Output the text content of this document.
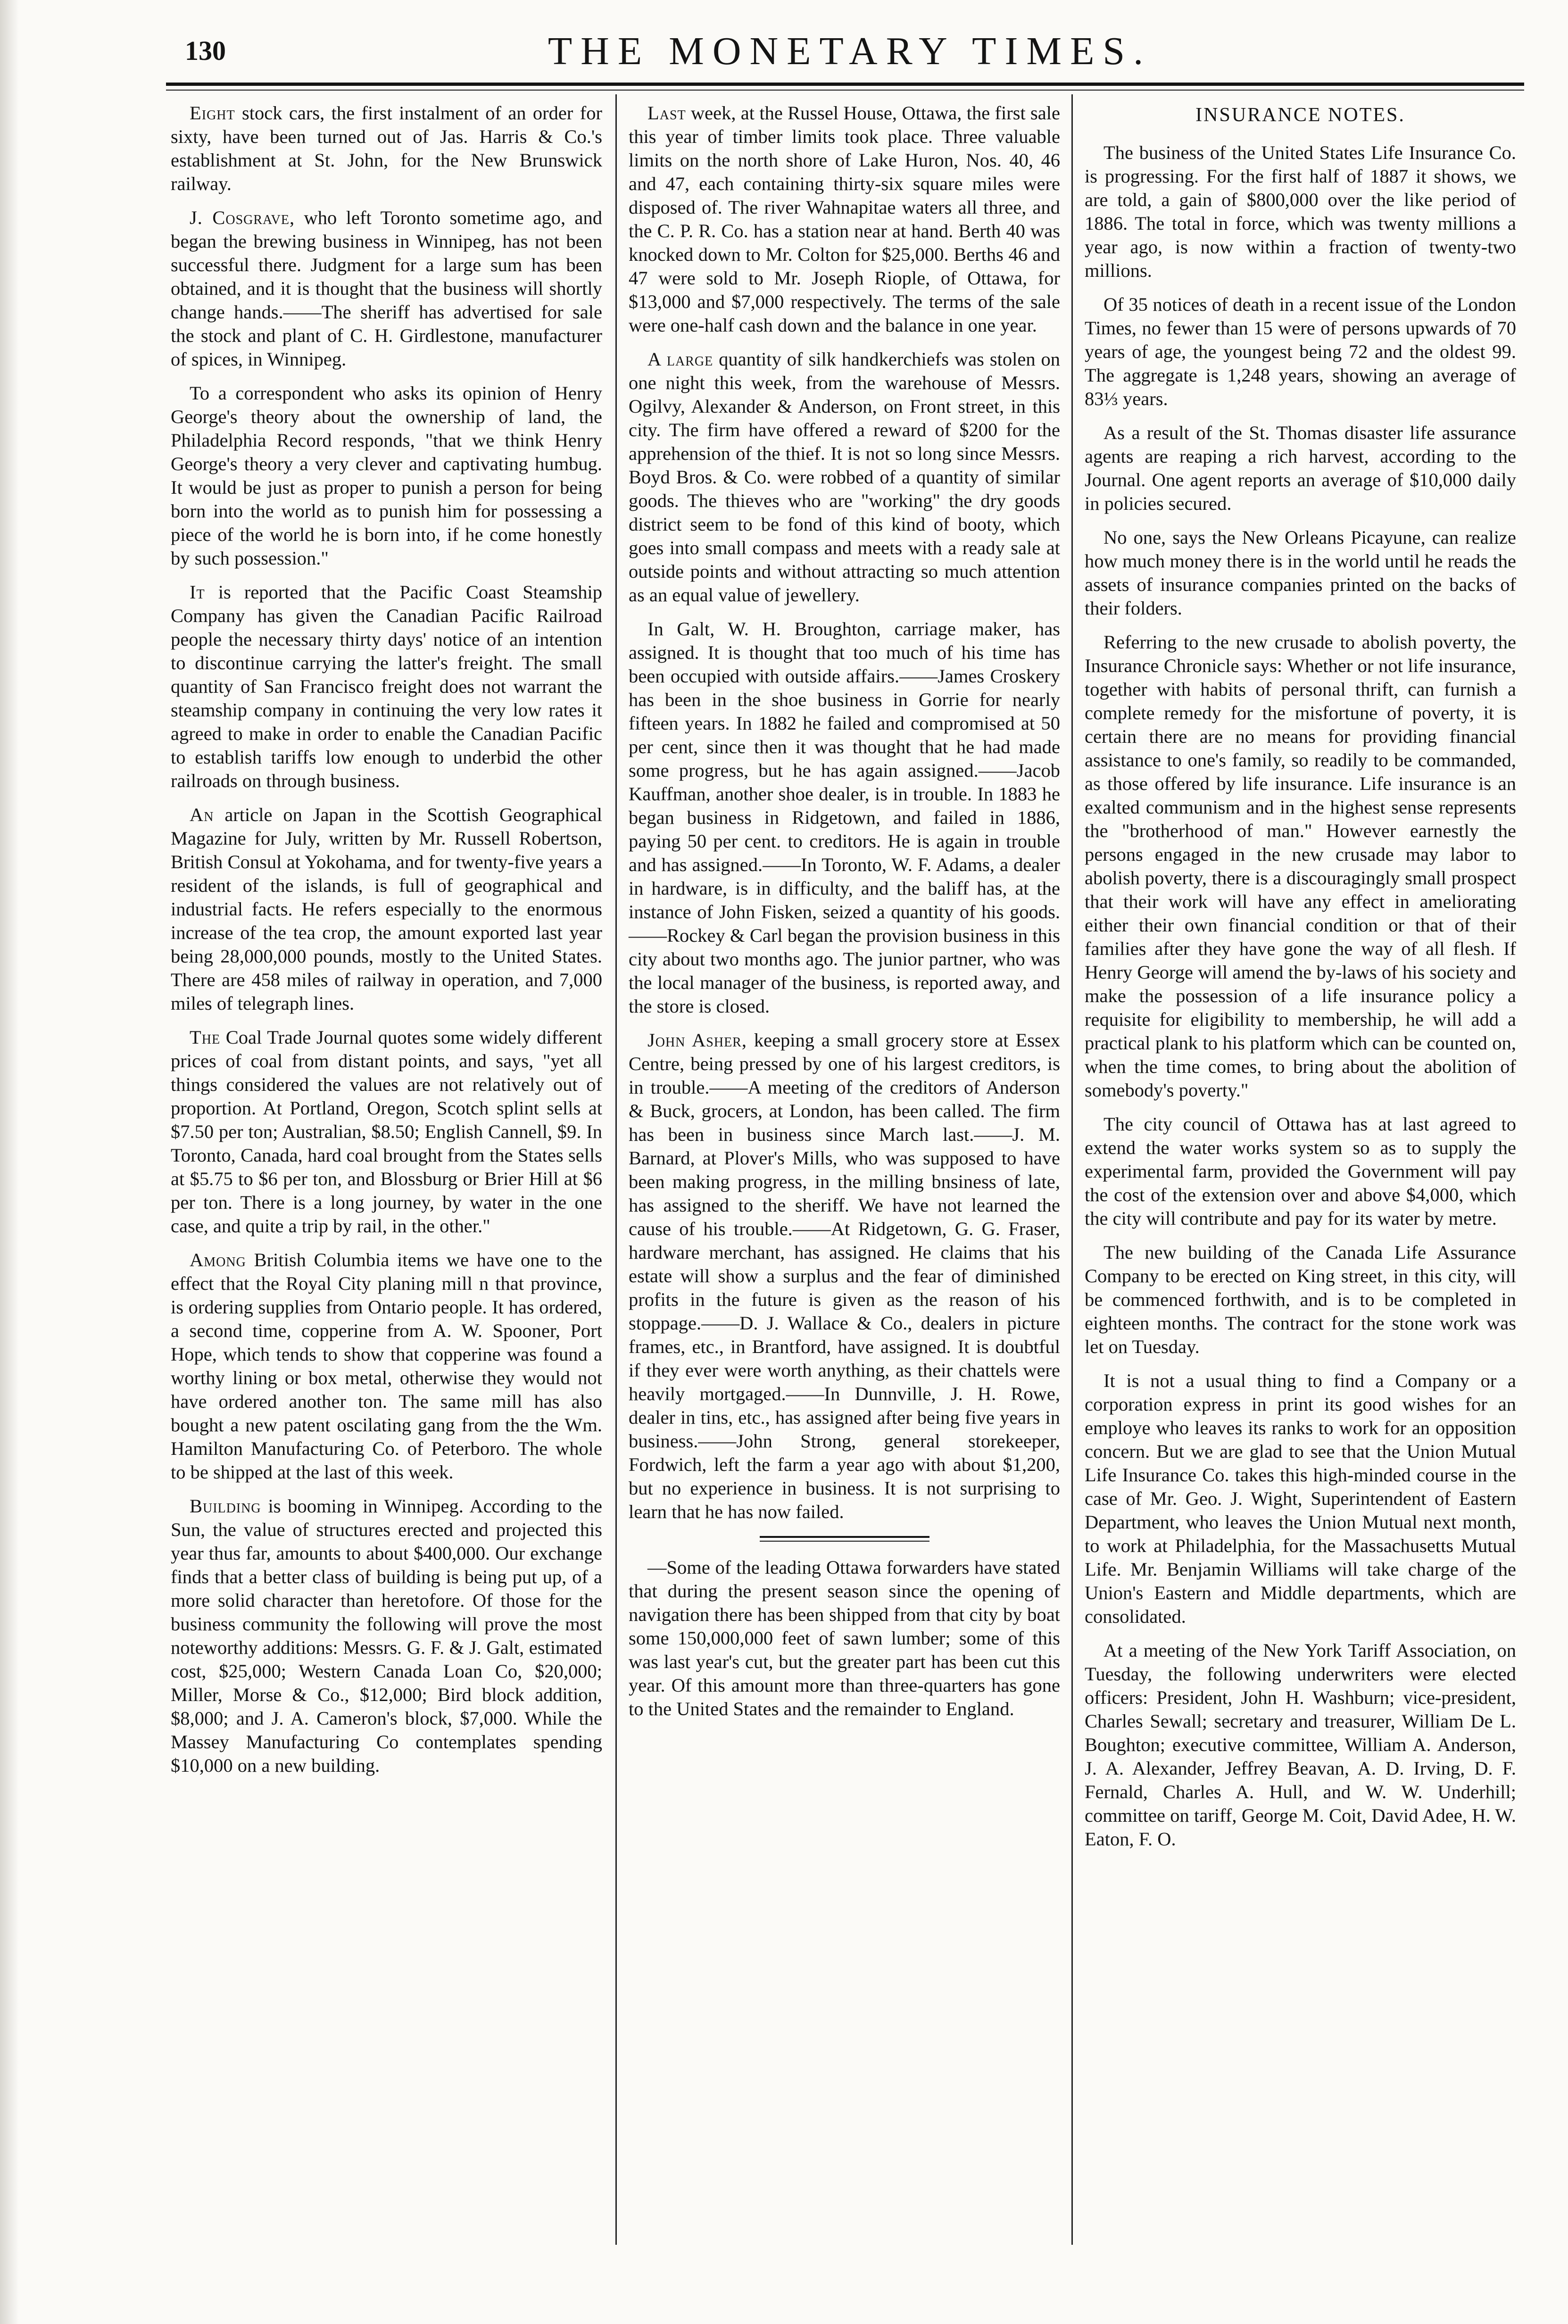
130	THE MONETARY TIMES.

Eight stock cars, the first instalment of an order for sixty, have been turned out of Jas. Harris & Co.'s establishment at St. John, for the New Brunswick railway.

J. Cosgrave, who left Toronto sometime ago, and began the brewing business in Winnipeg, has not been successful there. Judgment for a large sum has been obtained, and it is thought that the business will shortly change hands.——The sheriff has advertised for sale the stock and plant of C. H. Girdlestone, manufacturer of spices, in Winnipeg.

To a correspondent who asks its opinion of Henry George's theory about the ownership of land, the Philadelphia Record responds, "that we think Henry George's theory a very clever and captivating humbug. It would be just as proper to punish a person for being born into the world as to punish him for possessing a piece of the world he is born into, if he come honestly by such possession."

It is reported that the Pacific Coast Steamship Company has given the Canadian Pacific Railroad people the necessary thirty days' notice of an intention to discontinue carrying the latter's freight. The small quantity of San Francisco freight does not warrant the steamship company in continuing the very low rates it agreed to make in order to enable the Canadian Pacific to establish tariffs low enough to underbid the other railroads on through business.

An article on Japan in the Scottish Geographical Magazine for July, written by Mr. Russell Robertson, British Consul at Yokohama, and for twenty-five years a resident of the islands, is full of geographical and industrial facts. He refers especially to the enormous increase of the tea crop, the amount exported last year being 28,000,000 pounds, mostly to the United States. There are 458 miles of railway in operation, and 7,000 miles of telegraph lines.

The Coal Trade Journal quotes some widely different prices of coal from distant points, and says, "yet all things considered the values are not relatively out of proportion. At Portland, Oregon, Scotch splint sells at $7.50 per ton; Australian, $8.50; English Cannell, $9. In Toronto, Canada, hard coal brought from the States sells at $5.75 to $6 per ton, and Blossburg or Brier Hill at $6 per ton. There is a long journey, by water in the one case, and quite a trip by rail, in the other."

Among British Columbia items we have one to the effect that the Royal City planing mill n that province, is ordering supplies from Ontario people. It has ordered, a second time, copperine from A. W. Spooner, Port Hope, which tends to show that copperine was found a worthy lining or box metal, otherwise they would not have ordered another ton. The same mill has also bought a new patent oscilating gang from the the Wm. Hamilton Manufacturing Co. of Peterboro. The whole to be shipped at the last of this week.

Building is booming in Winnipeg. According to the Sun, the value of structures erected and projected this year thus far, amounts to about $400,000. Our exchange finds that a better class of building is being put up, of a more solid character than heretofore. Of those for the business community the following will prove the most noteworthy additions: Messrs. G. F. & J. Galt, estimated cost, $25,000; Western Canada Loan Co, $20,000; Miller, Morse & Co., $12,000; Bird block addition, $8,000; and J. A. Cameron's block, $7,000. While the Massey Manufacturing Co contemplates spending $10,000 on a new building.

Last week, at the Russel House, Ottawa, the first sale this year of timber limits took place. Three valuable limits on the north shore of Lake Huron, Nos. 40, 46 and 47, each containing thirty-six square miles were disposed of. The river Wahnapitae waters all three, and the C. P. R. Co. has a station near at hand. Berth 40 was knocked down to Mr. Colton for $25,000. Berths 46 and 47 were sold to Mr. Joseph Riople, of Ottawa, for $13,000 and $7,000 respectively. The terms of the sale were one-half cash down and the balance in one year.

A large quantity of silk handkerchiefs was stolen on one night this week, from the warehouse of Messrs. Ogilvy, Alexander & Anderson, on Front street, in this city. The firm have offered a reward of $200 for the apprehension of the thief. It is not so long since Messrs. Boyd Bros. & Co. were robbed of a quantity of similar goods. The thieves who are "working" the dry goods district seem to be fond of this kind of booty, which goes into small compass and meets with a ready sale at outside points and without attracting so much attention as an equal value of jewellery.

In Galt, W. H. Broughton, carriage maker, has assigned. It is thought that too much of his time has been occupied with outside affairs.——James Croskery has been in the shoe business in Gorrie for nearly fifteen years. In 1882 he failed and compromised at 50 per cent, since then it was thought that he had made some progress, but he has again assigned.——Jacob Kauffman, another shoe dealer, is in trouble. In 1883 he began business in Ridgetown, and failed in 1886, paying 50 per cent. to creditors. He is again in trouble and has assigned.——In Toronto, W. F. Adams, a dealer in hardware, is in difficulty, and the baliff has, at the instance of John Fisken, seized a quantity of his goods.——Rockey & Carl began the provision business in this city about two months ago. The junior partner, who was the local manager of the business, is reported away, and the store is closed.

John Asher, keeping a small grocery store at Essex Centre, being pressed by one of his largest creditors, is in trouble.——A meeting of the creditors of Anderson & Buck, grocers, at London, has been called. The firm has been in business since March last.——J. M. Barnard, at Plover's Mills, who was supposed to have been making progress, in the milling bnsiness of late, has assigned to the sheriff. We have not learned the cause of his trouble.——At Ridgetown, G. G. Fraser, hardware merchant, has assigned. He claims that his estate will show a surplus and the fear of diminished profits in the future is given as the reason of his stoppage.——D. J. Wallace & Co., dealers in picture frames, etc., in Brantford, have assigned. It is doubtful if they ever were worth anything, as their chattels were heavily mortgaged.——In Dunnville, J. H. Rowe, dealer in tins, etc., has assigned after being five years in business.——John Strong, general storekeeper, Fordwich, left the farm a year ago with about $1,200, but no experience in business. It is not surprising to learn that he has now failed.

—Some of the leading Ottawa forwarders have stated that during the present season since the opening of navigation there has been shipped from that city by boat some 150,000,000 feet of sawn lumber; some of this was last year's cut, but the greater part has been cut this year. Of this amount more than three-quarters has gone to the United States and the remainder to England.

INSURANCE NOTES.

The business of the United States Life Insurance Co. is progressing. For the first half of 1887 it shows, we are told, a gain of $800,000 over the like period of 1886. The total in force, which was twenty millions a year ago, is now within a fraction of twenty-two millions.

Of 35 notices of death in a recent issue of the London Times, no fewer than 15 were of persons upwards of 70 years of age, the youngest being 72 and the oldest 99. The aggregate is 1,248 years, showing an average of 83⅓ years.

As a result of the St. Thomas disaster life assurance agents are reaping a rich harvest, according to the Journal. One agent reports an average of $10,000 daily in policies secured.

No one, says the New Orleans Picayune, can realize how much money there is in the world until he reads the assets of insurance companies printed on the backs of their folders.

Referring to the new crusade to abolish poverty, the Insurance Chronicle says: Whether or not life insurance, together with habits of personal thrift, can furnish a complete remedy for the misfortune of poverty, it is certain there are no means for providing financial assistance to one's family, so readily to be commanded, as those offered by life insurance. Life insurance is an exalted communism and in the highest sense represents the "brotherhood of man." However earnestly the persons engaged in the new crusade may labor to abolish poverty, there is a discouragingly small prospect that their work will have any effect in ameliorating either their own financial condition or that of their families after they have gone the way of all flesh. If Henry George will amend the by-laws of his society and make the possession of a life insurance policy a requisite for eligibility to membership, he will add a practical plank to his platform which can be counted on, when the time comes, to bring about the abolition of somebody's poverty."

The city council of Ottawa has at last agreed to extend the water works system so as to supply the experimental farm, provided the Government will pay the cost of the extension over and above $4,000, which the city will contribute and pay for its water by metre.

The new building of the Canada Life Assurance Company to be erected on King street, in this city, will be commenced forthwith, and is to be completed in eighteen months. The contract for the stone work was let on Tuesday.

It is not a usual thing to find a Company or a corporation express in print its good wishes for an employe who leaves its ranks to work for an opposition concern. But we are glad to see that the Union Mutual Life Insurance Co. takes this high-minded course in the case of Mr. Geo. J. Wight, Superintendent of Eastern Department, who leaves the Union Mutual next month, to work at Philadelphia, for the Massachusetts Mutual Life. Mr. Benjamin Williams will take charge of the Union's Eastern and Middle departments, which are consolidated.

At a meeting of the New York Tariff Association, on Tuesday, the following underwriters were elected officers: President, John H. Washburn; vice-president, Charles Sewall; secretary and treasurer, William De L. Boughton; executive committee, William A. Anderson, J. A. Alexander, Jeffrey Beavan, A. D. Irving, D. F. Fernald, Charles A. Hull, and W. W. Underhill; committee on tariff, George M. Coit, David Adee, H. W. Eaton, F. O.
